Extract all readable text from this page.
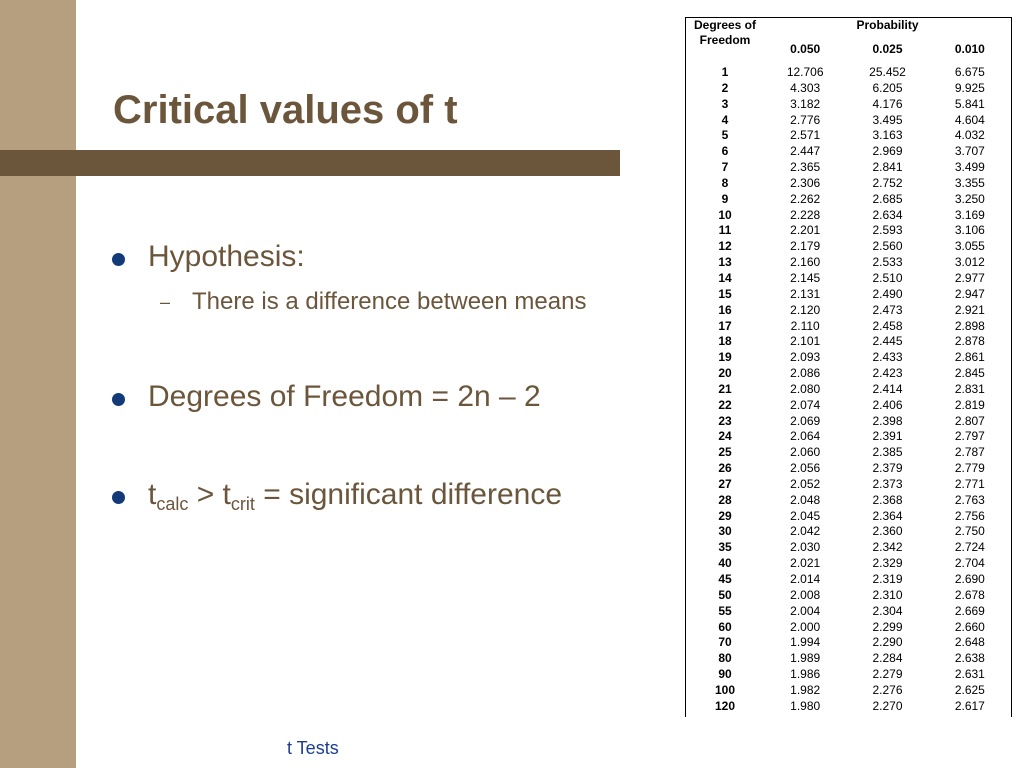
Critical values of t
Hypothesis:
– There is a difference between means
Degrees of Freedom = 2n – 2
$t_{calc} > t_{crit}$ = significant difference
t Tests
Degrees of Freedom	Probability		
	0.050	0.025	0.010
1	12.706	25.452	6.675
2	4.303	6.205	9.925
3	3.182	4.176	5.841
4	2.776	3.495	4.604
5	2.571	3.163	4.032
6	2.447	2.969	3.707
7	2.365	2.841	3.499
8	2.306	2.752	3.355
9	2.262	2.685	3.250
10	2.228	2.634	3.169
11	2.201	2.593	3.106
12	2.179	2.560	3.055
13	2.160	2.533	3.012
14	2.145	2.510	2.977
15	2.131	2.490	2.947
16	2.120	2.473	2.921
17	2.110	2.458	2.898
18	2.101	2.445	2.878
19	2.093	2.433	2.861
20	2.086	2.423	2.845
21	2.080	2.414	2.831
22	2.074	2.406	2.819
23	2.069	2.398	2.807
24	2.064	2.391	2.797
25	2.060	2.385	2.787
26	2.056	2.379	2.779
27	2.052	2.373	2.771
28	2.048	2.368	2.763
29	2.045	2.364	2.756
30	2.042	2.360	2.750
35	2.030	2.342	2.724
40	2.021	2.329	2.704
45	2.014	2.319	2.690
50	2.008	2.310	2.678
55	2.004	2.304	2.669
60	2.000	2.299	2.660
70	1.994	2.290	2.648
80	1.989	2.284	2.638
90	1.986	2.279	2.631
100	1.982	2.276	2.625
120	1.980	2.270	2.617
